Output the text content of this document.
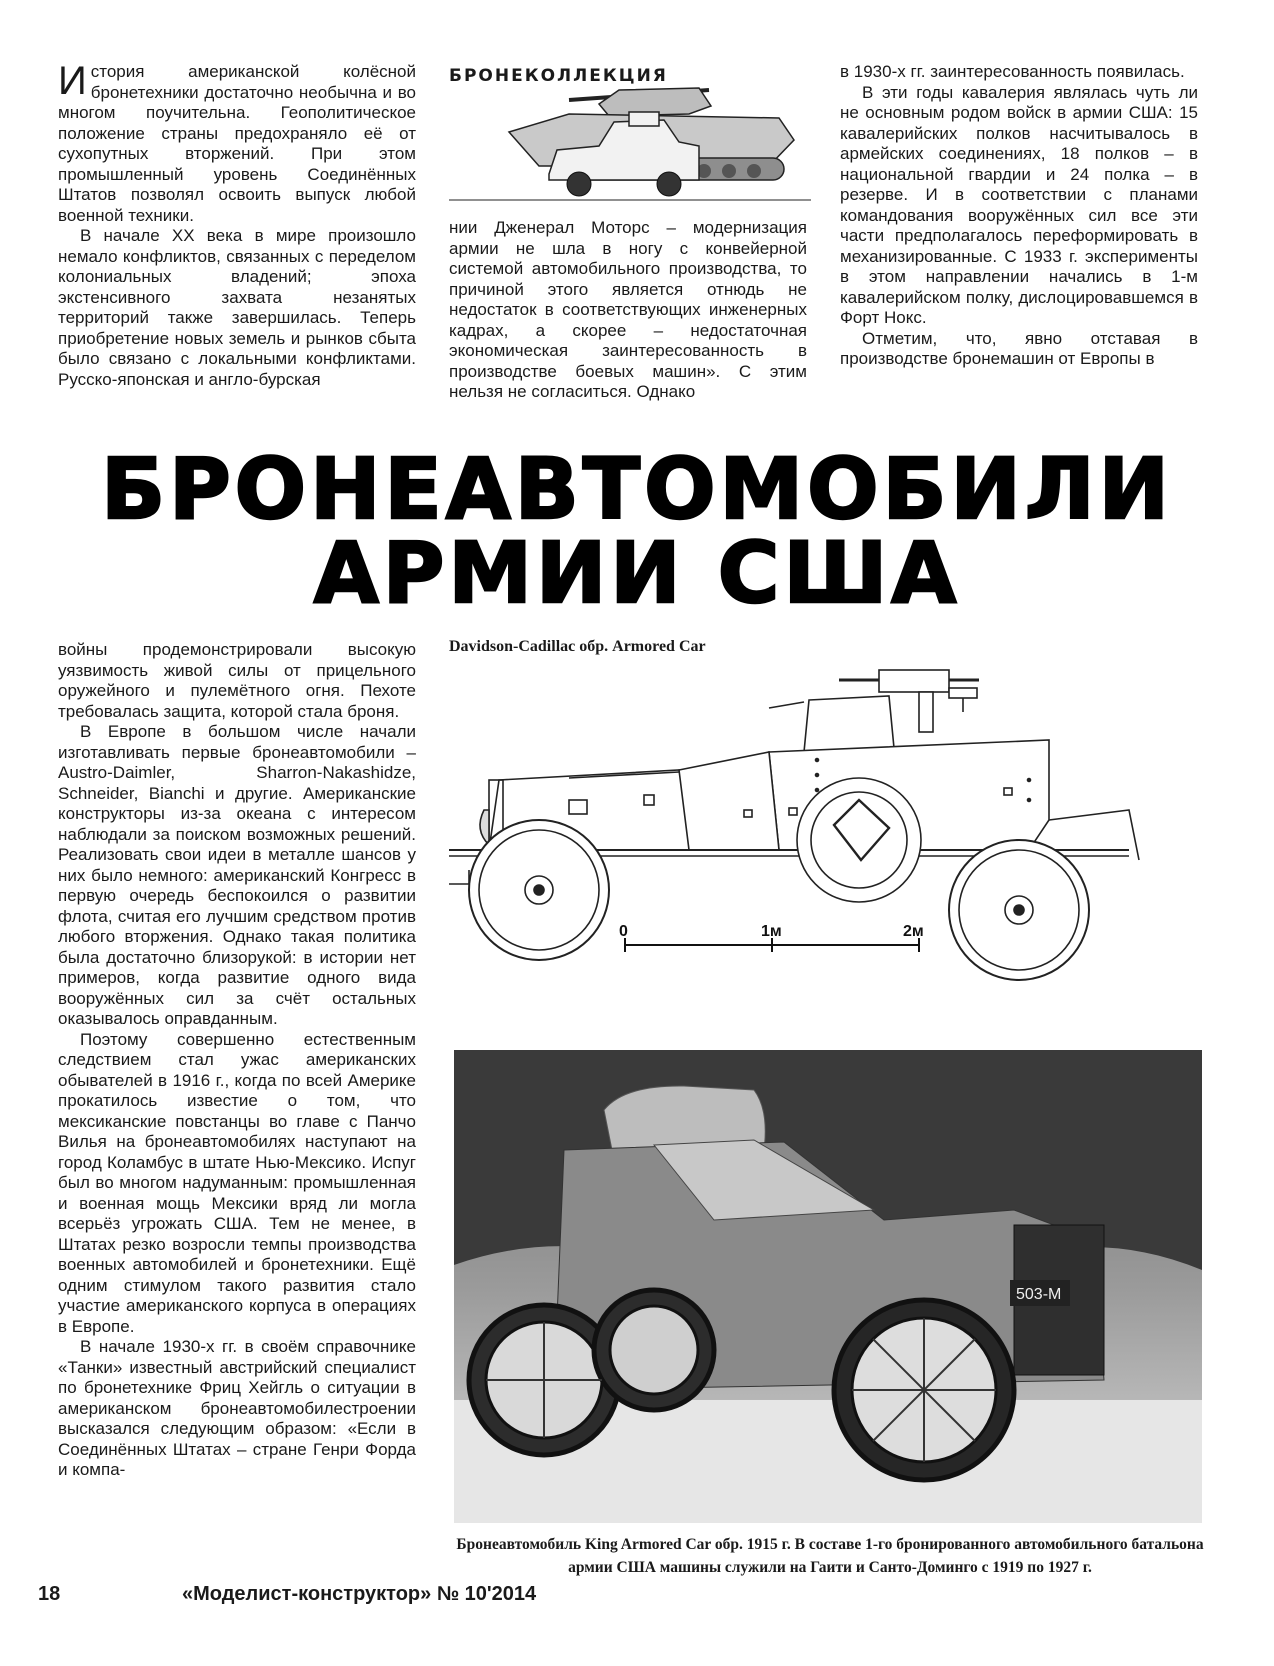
История американской колёсной бронетехники достаточно необычна и во многом поучительна. Геополитическое положение страны предохраняло её от сухопутных вторжений. При этом промышленный уровень Соединённых Штатов позволял освоить выпуск любой военной техники.

В начале ХХ века в мире произошло немало конфликтов, связанных с переделом колониальных владений; эпоха экстенсивного захвата незанятых территорий также завершилась. Теперь приобретение новых земель и рынков сбыта было связано с локальными конфликтами. Русско-японская и англо-бурская

БРОНЕКОЛЛЕКЦИЯ

нии Дженерал Моторс – модернизация армии не шла в ногу с конвейерной системой автомобильного производства, то причиной этого является отнюдь не недостаток в соответствующих инженерных кадрах, а скорее – недостаточная экономическая заинтересованность в производстве боевых машин». С этим нельзя не согласиться. Однако

в 1930-х гг. заинтересованность появилась.

В эти годы кавалерия являлась чуть ли не основным родом войск в армии США: 15 кавалерийских полков насчитывалось в армейских соединениях, 18 полков – в национальной гвардии и 24 полка – в резерве. И в соответствии с планами командования вооружённых сил все эти части предполагалось переформировать в механизированные. С 1933 г. эксперименты в этом направлении начались в 1-м кавалерийском полку, дислоцировавшемся в Форт Нокс.

Отметим, что, явно отставая в производстве бронемашин от Европы в

БРОНЕАВТОМОБИЛИ
АРМИИ США

войны продемонстрировали высокую уязвимость живой силы от прицельного оружейного и пулемётного огня. Пехоте требовалась защита, которой стала броня.

В Европе в большом числе начали изготавливать первые бронеавтомобили – Austro-Daimler, Sharron-Nakashidze, Schneider, Bianchi и другие. Американские конструкторы из-за океана с интересом наблюдали за поиском возможных решений. Реализовать свои идеи в металле шансов у них было немного: американский Конгресс в первую очередь беспокоился о развитии флота, считая его лучшим средством против любого вторжения. Однако такая политика была достаточно близорукой: в истории нет примеров, когда развитие одного вида вооружённых сил за счёт остальных оказывалось оправданным.

Поэтому совершенно естественным следствием стал ужас американских обывателей в 1916 г., когда по всей Америке прокатилось известие о том, что мексиканские повстанцы во главе с Панчо Вилья на бронеавтомобилях наступают на город Коламбус в штате Нью-Мексико. Испуг был во многом надуманным: промышленная и военная мощь Мексики вряд ли могла всерьёз угрожать США. Тем не менее, в Штатах резко возросли темпы производства военных автомобилей и бронетехники. Ещё одним стимулом такого развития стало участие американского корпуса в операциях в Европе.

В начале 1930-х гг. в своём справочнике «Танки» известный австрийский специалист по бронетехнике Фриц Хейгль о ситуации в американском бронеавтомобилестроении высказался следующим образом: «Если в Соединённых Штатах – стране Генри Форда и компа-

Davidson-Cadillac обр. Armored Car
0	1м	2м
503-M
Бронеавтомобиль King Armored Car обр. 1915 г. В составе 1-го бронированного автомобильного батальона армии США машины служили на Гаити и Санто-Доминго с 1919 по 1927 г.
18	«Моделист-конструктор» № 10'2014
